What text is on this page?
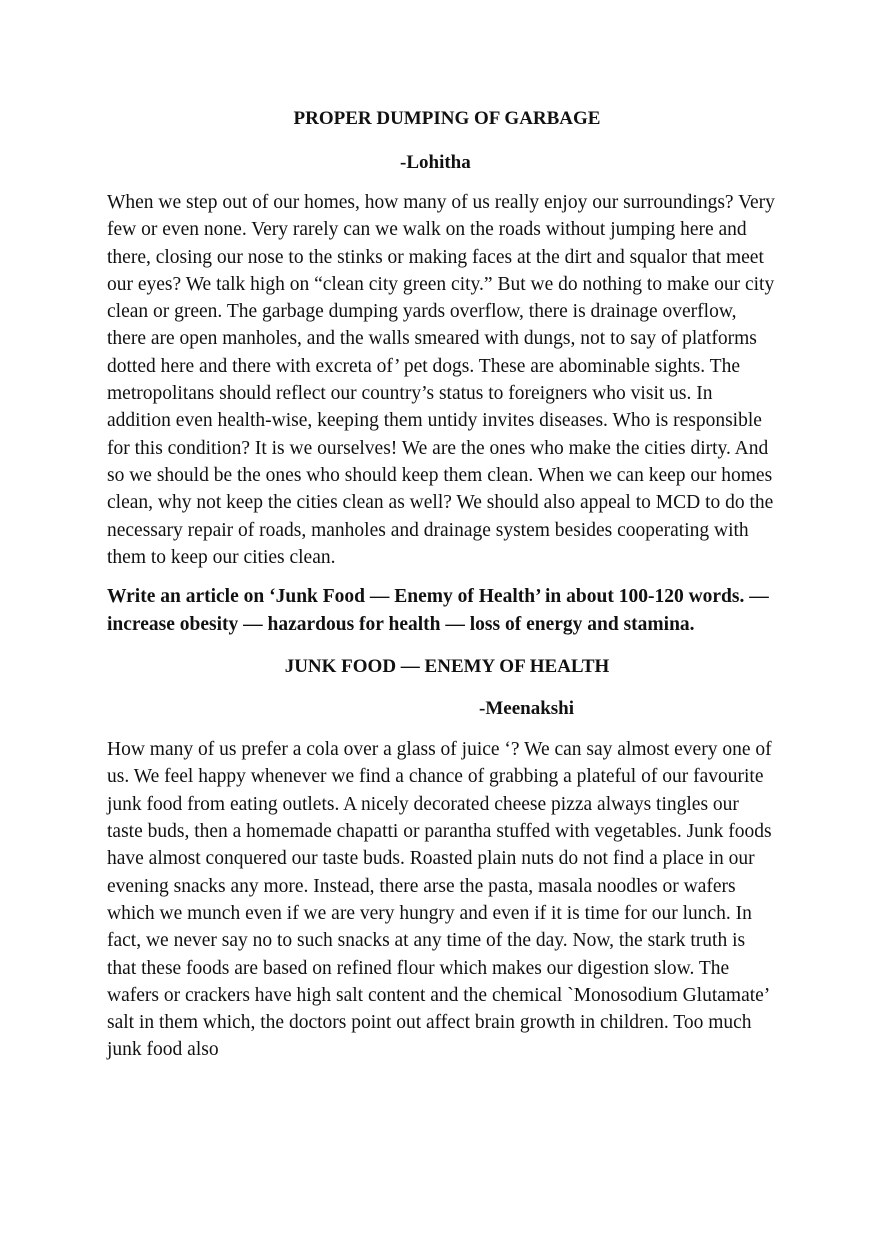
PROPER DUMPING OF GARBAGE
-Lohitha

When we step out of our homes, how many of us really enjoy our surroundings? Very few or even none. Very rarely can we walk on the roads without jumping here and there, closing our nose to the stinks or making faces at the dirt and squalor that meet our eyes? We talk high on “clean city green city.” But we do nothing to make our city clean or green. The garbage dumping yards overflow, there is drainage overflow, there are open manholes, and the walls smeared with dungs, not to say of platforms dotted here and there with excreta of’ pet dogs. These are abominable sights. The metropolitans should reflect our country’s status to foreigners who visit us. In addition even health-wise, keeping them untidy invites diseases. Who is responsible for this condition? It is we ourselves! We are the ones who make the cities dirty. And so we should be the ones who should keep them clean. When we can keep our homes clean, why not keep the cities clean as well? We should also appeal to MCD to do the necessary repair of roads, manholes and drainage system besides cooperating with them to keep our cities clean.

Write an article on ‘Junk Food — Enemy of Health’ in about 100-120 words. — increase obesity — hazardous for health — loss of energy and stamina.

JUNK FOOD — ENEMY OF HEALTH
-Meenakshi

How many of us prefer a cola over a glass of juice ‘? We can say almost every one of us. We feel happy whenever we find a chance of grabbing a plateful of our favourite junk food from eating outlets. A nicely decorated cheese pizza always tingles our taste buds, then a homemade chapatti or parantha stuffed with vegetables. Junk foods have almost conquered our taste buds. Roasted plain nuts do not find a place in our evening snacks any more. Instead, there arse the pasta, masala noodles or wafers which we munch even if we are very hungry and even if it is time for our lunch. In fact, we never say no to such snacks at any time of the day. Now, the stark truth is that these foods are based on refined flour which makes our digestion slow. The wafers or crackers have high salt content and the chemical `Monosodium Glutamate’ salt in them which, the doctors point out affect brain growth in children. Too much junk food also
